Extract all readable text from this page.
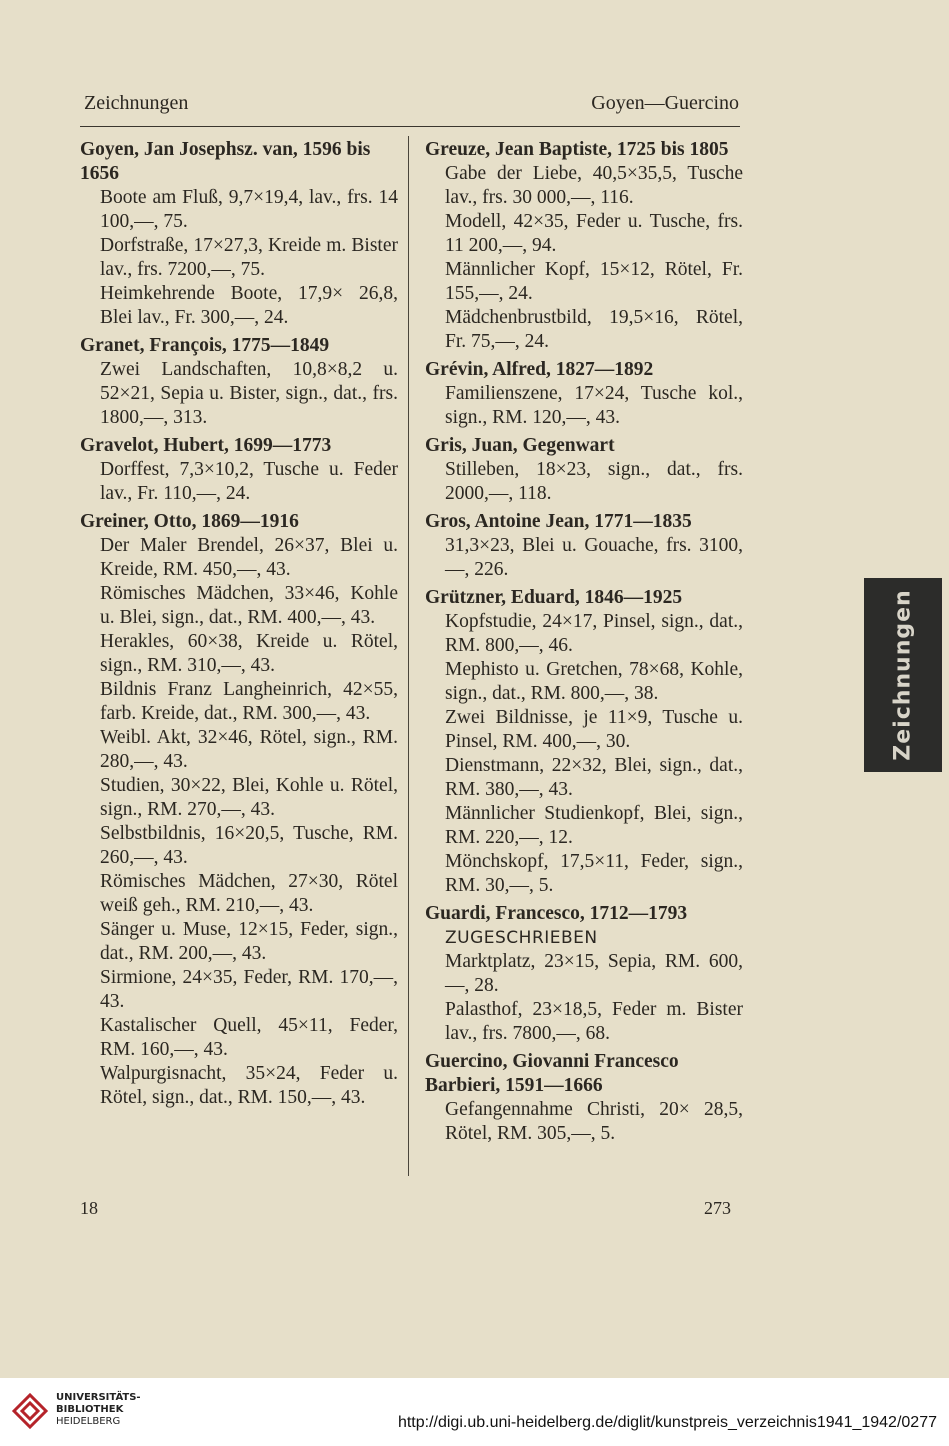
Zeichnungen	Goyen—Guercino
Goyen, Jan Josephsz. van, 1596 bis 1656
Boote am Fluß, 9,7×19,4, lav., frs. 14 100,—, 75.
Dorfstraße, 17×27,3, Kreide m. Bister lav., frs. 7200,—, 75.
Heimkehrende Boote, 17,9× 26,8, Blei lav., Fr. 300,—, 24.
Granet, François, 1775—1849
Zwei Landschaften, 10,8×8,2 u. 52×21, Sepia u. Bister, sign., dat., frs. 1800,—, 313.
Gravelot, Hubert, 1699—1773
Dorffest, 7,3×10,2, Tusche u. Feder lav., Fr. 110,—, 24.
Greiner, Otto, 1869—1916
Der Maler Brendel, 26×37, Blei u. Kreide, RM. 450,—, 43.
Römisches Mädchen, 33×46, Kohle u. Blei, sign., dat., RM. 400,—, 43.
Herakles, 60×38, Kreide u. Rötel, sign., RM. 310,—, 43.
Bildnis Franz Langheinrich, 42×55, farb. Kreide, dat., RM. 300,—, 43.
Weibl. Akt, 32×46, Rötel, sign., RM. 280,—, 43.
Studien, 30×22, Blei, Kohle u. Rötel, sign., RM. 270,—, 43.
Selbstbildnis, 16×20,5, Tusche, RM. 260,—, 43.
Römisches Mädchen, 27×30, Rötel weiß geh., RM. 210,—, 43.
Sänger u. Muse, 12×15, Feder, sign., dat., RM. 200,—, 43.
Sirmione, 24×35, Feder, RM. 170,—, 43.
Kastalischer Quell, 45×11, Feder, RM. 160,—, 43.
Walpurgisnacht, 35×24, Feder u. Rötel, sign., dat., RM. 150,—, 43.
Greuze, Jean Baptiste, 1725 bis 1805
Gabe der Liebe, 40,5×35,5, Tusche lav., frs. 30 000,—, 116.
Modell, 42×35, Feder u. Tusche, frs. 11 200,—, 94.
Männlicher Kopf, 15×12, Rötel, Fr. 155,—, 24.
Mädchenbrustbild, 19,5×16, Rötel, Fr. 75,—, 24.
Grévin, Alfred, 1827—1892
Familienszene, 17×24, Tusche kol., sign., RM. 120,—, 43.
Gris, Juan, Gegenwart
Stilleben, 18×23, sign., dat., frs. 2000,—, 118.
Gros, Antoine Jean, 1771—1835
31,3×23, Blei u. Gouache, frs. 3100,—, 226.
Grützner, Eduard, 1846—1925
Kopfstudie, 24×17, Pinsel, sign., dat., RM. 800,—, 46.
Mephisto u. Gretchen, 78×68, Kohle, sign., dat., RM. 800,—, 38.
Zwei Bildnisse, je 11×9, Tusche u. Pinsel, RM. 400,—, 30.
Dienstmann, 22×32, Blei, sign., dat., RM. 380,—, 43.
Männlicher Studienkopf, Blei, sign., RM. 220,—, 12.
Mönchskopf, 17,5×11, Feder, sign., RM. 30,—, 5.
Guardi, Francesco, 1712—1793
ZUGESCHRIEBEN
Marktplatz, 23×15, Sepia, RM. 600,—, 28.
Palasthof, 23×18,5, Feder m. Bister lav., frs. 7800,—, 68.
Guercino, Giovanni Francesco Barbieri, 1591—1666
Gefangennahme Christi, 20× 28,5, Rötel, RM. 305,—, 5.
18	273
Zeichnungen
UNIVERSITÄTS-
BIBLIOTHEK
HEIDELBERG	http://digi.ub.uni-heidelberg.de/diglit/kunstpreis_verzeichnis1941_1942/0277
